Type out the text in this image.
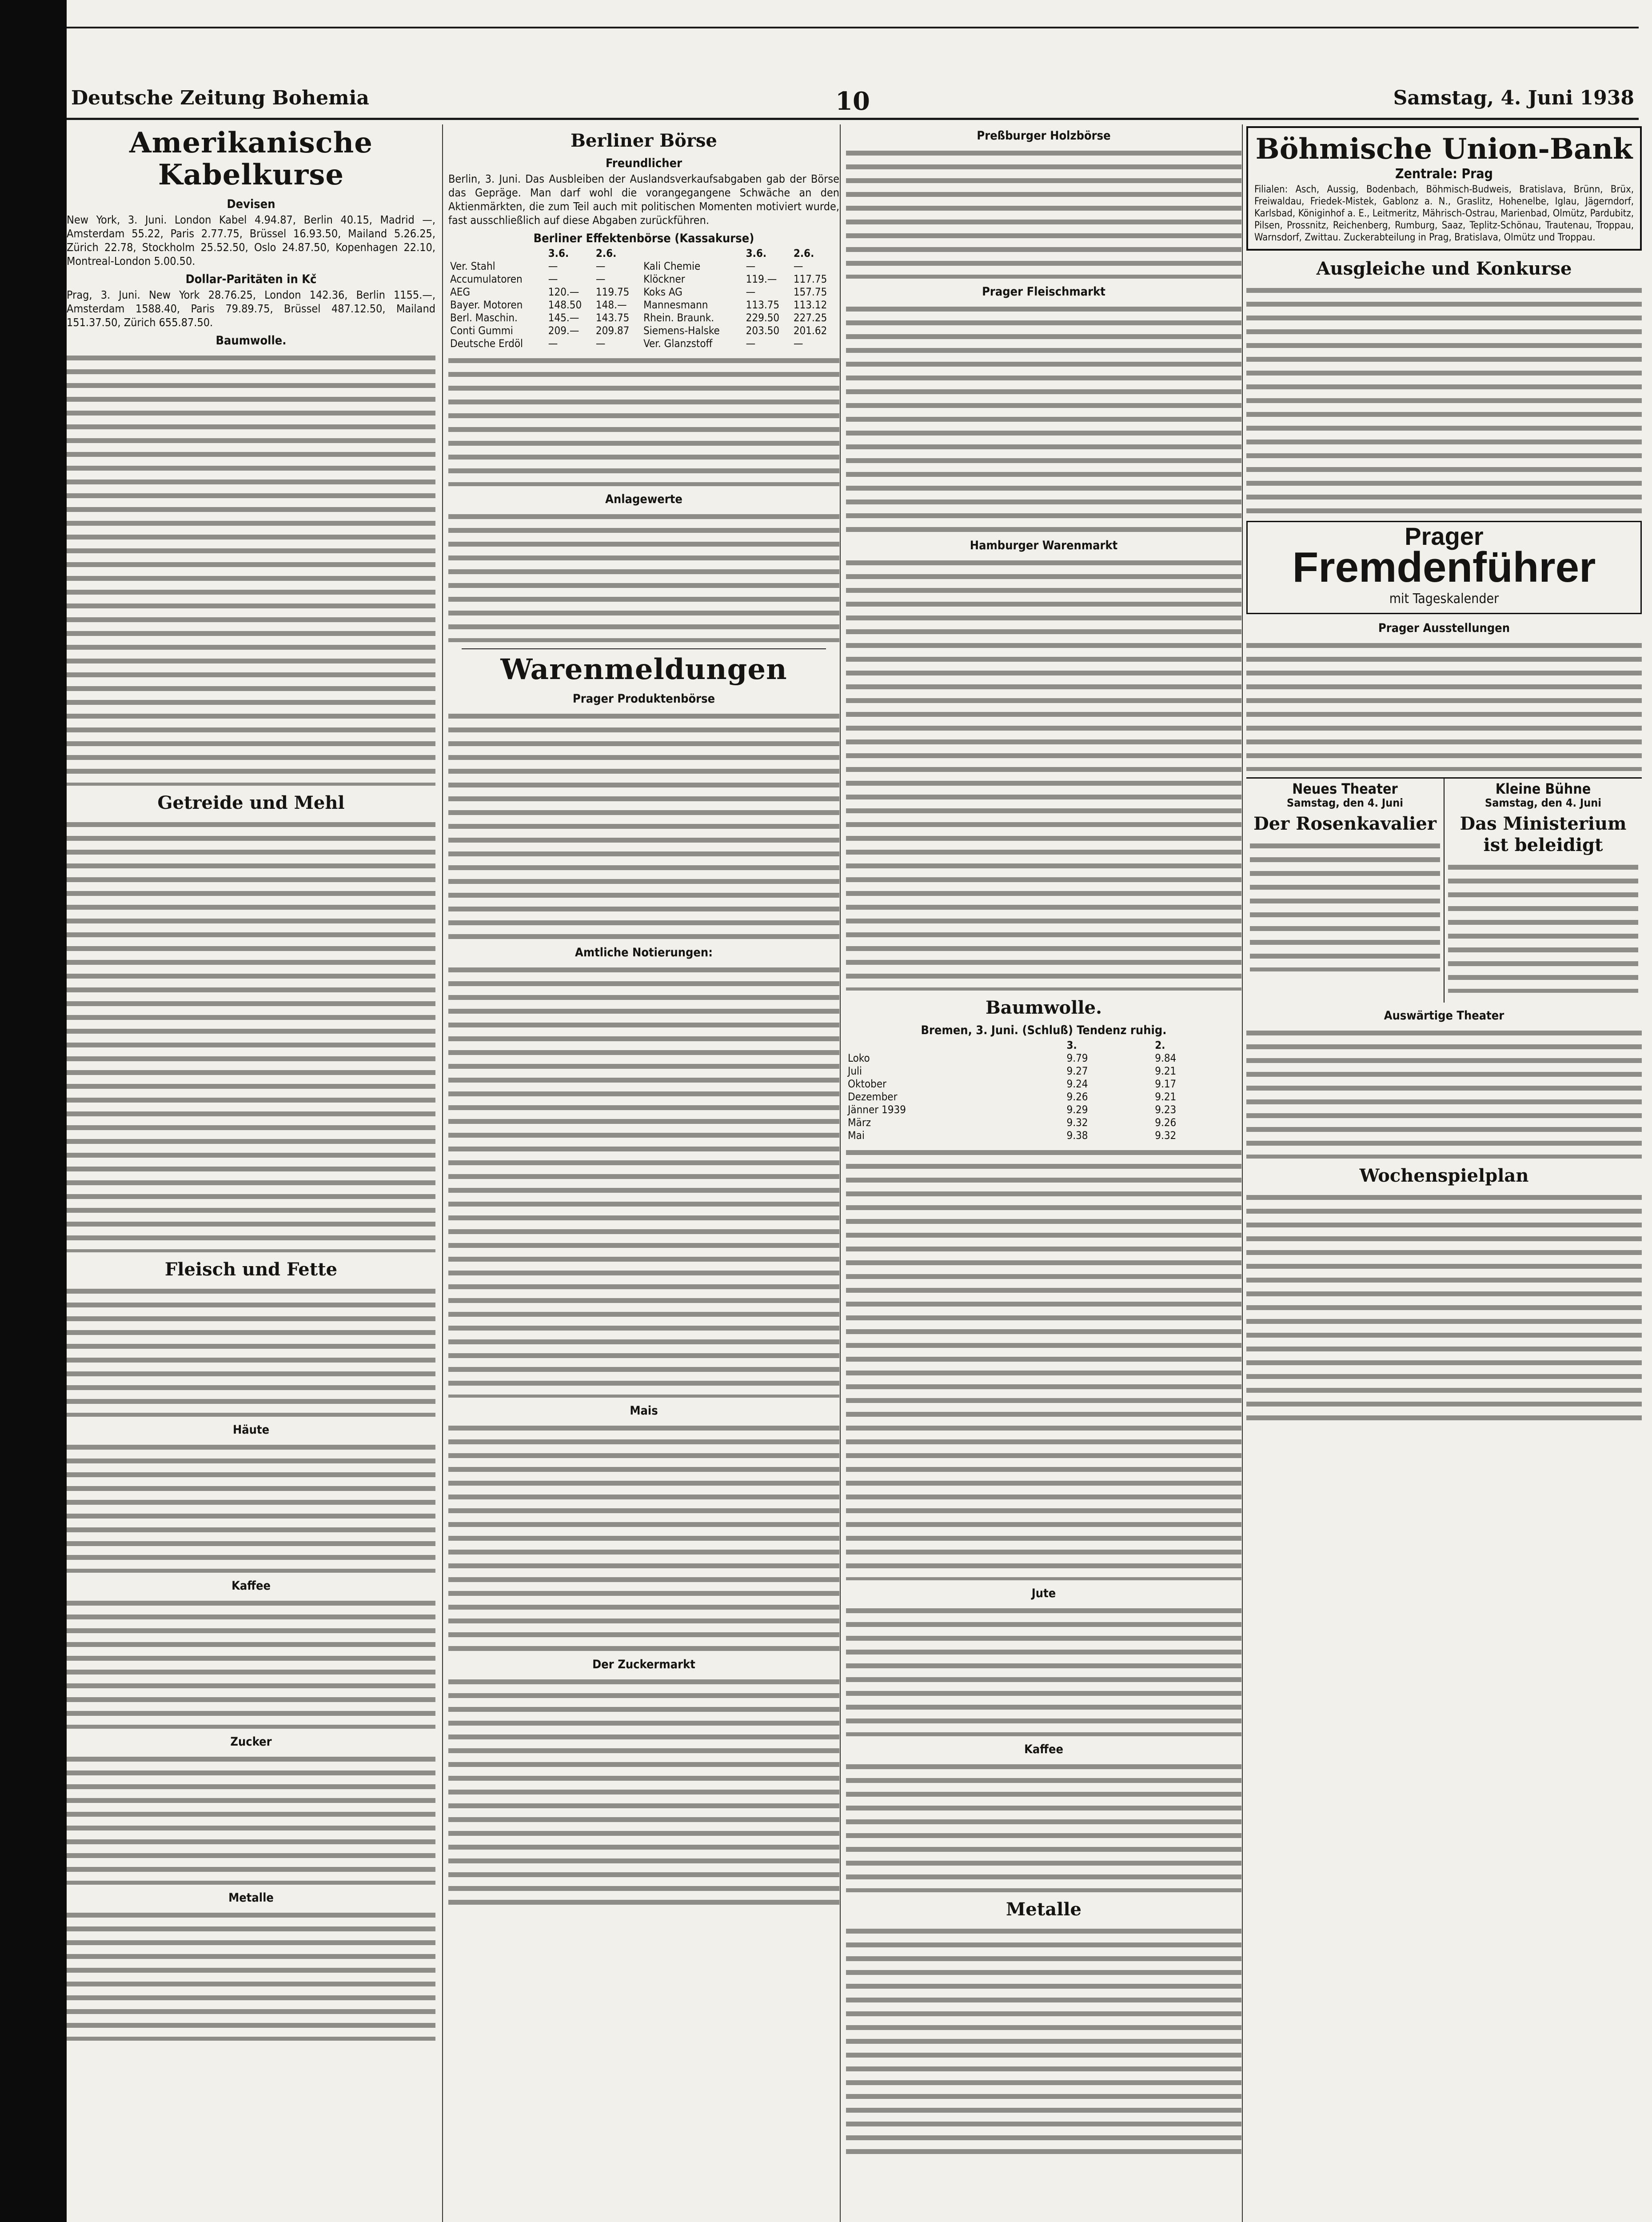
Deutsche Zeitung Bohemia	10	Samstag, 4. Juni 1938
Amerikanische Kabelkurse
Devisen

New York, 3. Juni. London Kabel 4.94.87, Berlin 40.15, Madrid —, Amsterdam 55.22, Paris 2.77.75, Brüssel 16.93.50, Mailand 5.26.25, Zürich 22.78, Stockholm 25.52.50, Oslo 24.87.50, Kopenhagen 22.10, Montreal-London 5.00.50.

Dollar-Paritäten in Kč

Prag, 3. Juni. New York 28.76.25, London 142.36, Berlin 1155.—, Amsterdam 1588.40, Paris 79.89.75, Brüssel 487.12.50, Mailand 151.37.50, Zürich 655.87.50.

Baumwolle.
Getreide und Mehl
Fleisch und Fette
Häute
Kaffee
Zucker
Metalle
Berliner Börse
Freundlicher

Berlin, 3. Juni. Das Ausbleiben der Auslandsverkaufsabgaben gab der Börse das Gepräge. Man darf wohl die vorangegangene Schwäche an den Aktienmärkten, die zum Teil auch mit politischen Momenten motiviert wurde, fast ausschließlich auf diese Abgaben zurückführen.

Berliner Effektenbörse (Kassakurse)
	3.6.	2.6.		3.6.	2.6.
Ver. Stahl	—	—	Kali Chemie	—	—
Accumulatoren	—	—	Klöckner	119.—	117.75
AEG	120.—	119.75	Koks AG	—	157.75
Bayer. Motoren	148.50	148.—	Mannesmann	113.75	113.12
Berl. Maschin.	145.—	143.75	Rhein. Braunk.	229.50	227.25
Conti Gummi	209.—	209.87	Siemens-Halske	203.50	201.62
Deutsche Erdöl	—	—	Ver. Glanzstoff	—	—
Anlagewerte
Warenmeldungen
Prager Produktenbörse
Amtliche Notierungen:
Mais
Der Zuckermarkt
Preßburger Holzbörse
Prager Fleischmarkt
Hamburger Warenmarkt
Baumwolle.
Bremen, 3. Juni. (Schluß) Tendenz ruhig.
	3.	2.
Loko	9.79	9.84
Juli	9.27	9.21
Oktober	9.24	9.17
Dezember	9.26	9.21
Jänner 1939	9.29	9.23
März	9.32	9.26
Mai	9.38	9.32
Jute
Kaffee
Metalle
Böhmische Union-Bank
Zentrale: Prag
Filialen: Asch, Aussig, Bodenbach, Böhmisch-Budweis, Bratislava, Brünn, Brüx, Freiwaldau, Friedek-Mistek, Gablonz a. N., Graslitz, Hohenelbe, Iglau, Jägerndorf, Karlsbad, Königinhof a. E., Leitmeritz, Mährisch-Ostrau, Marienbad, Olmütz, Pardubitz, Pilsen, Prossnitz, Reichenberg, Rumburg, Saaz, Teplitz-Schönau, Trautenau, Troppau, Warnsdorf, Zwittau. Zuckerabteilung in Prag, Bratislava, Olmütz und Troppau.
Ausgleiche und Konkurse
Prager
Fremdenführer
mit Tageskalender
Prager Ausstellungen
Neues Theater
Samstag, den 4. Juni
Der Rosenkavalier
Kleine Bühne
Samstag, den 4. Juni
Das Ministerium ist beleidigt
Auswärtige Theater
Wochenspielplan
